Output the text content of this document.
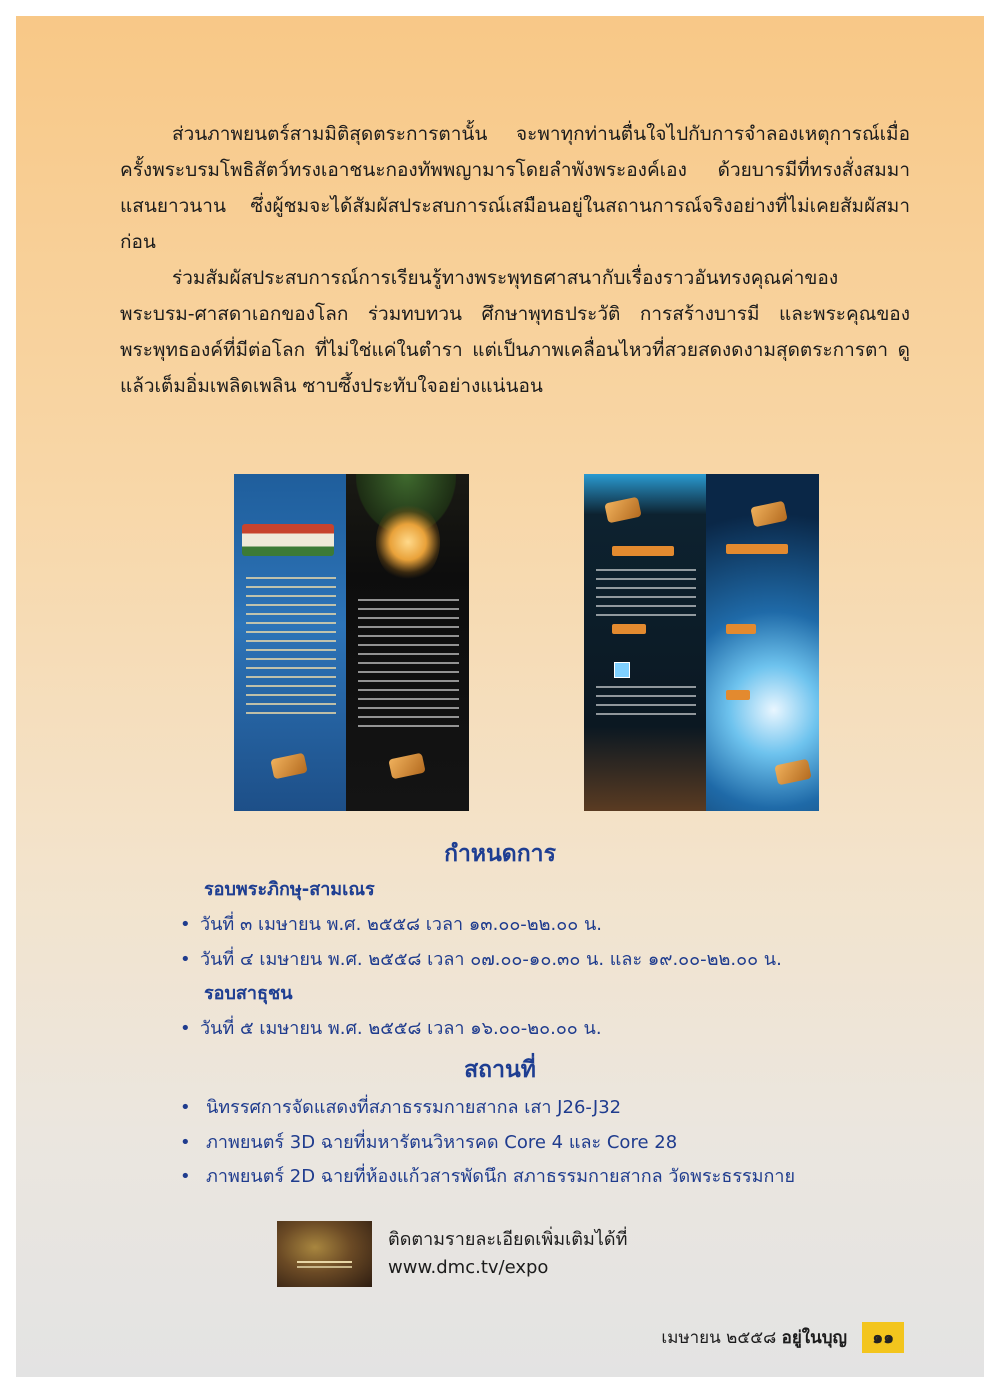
ส่วนภาพยนตร์สามมิติสุดตระการตานั้น จะพาทุกท่านตื่นใจไปกับการจำลองเหตุการณ์เมื่อครั้งพระบรมโพธิสัตว์ทรงเอาชนะกองทัพพญามารโดยลำพังพระองค์เอง ด้วยบารมีที่ทรงสั่งสมมาแสนยาวนาน ซึ่งผู้ชมจะได้สัมผัสประสบการณ์เสมือนอยู่ในสถานการณ์จริงอย่างที่ไม่เคยสัมผัสมาก่อน

ร่วมสัมผัสประสบการณ์การเรียนรู้ทางพระพุทธศาสนากับเรื่องราวอันทรงคุณค่าของพระบรม-ศาสดาเอกของโลก ร่วมทบทวน ศึกษาพุทธประวัติ การสร้างบารมี และพระคุณของพระพุทธองค์ที่มีต่อโลก ที่ไม่ใช่แค่ในตำรา แต่เป็นภาพเคลื่อนไหวที่สวยสดงดงามสุดตระการตา ดูแล้วเต็มอิ่มเพลิดเพลิน ซาบซึ้งประทับใจอย่างแน่นอน

กำหนดการ
รอบพระภิกษุ-สามเณร
• วันที่ ๓ เมษายน พ.ศ. ๒๕๕๘ เวลา ๑๓.๐๐-๒๒.๐๐ น.
• วันที่ ๔ เมษายน พ.ศ. ๒๕๕๘ เวลา ๐๗.๐๐-๑๐.๓๐ น. และ ๑๙.๐๐-๒๒.๐๐ น.
รอบสาธุชน
• วันที่ ๕ เมษายน พ.ศ. ๒๕๕๘ เวลา ๑๖.๐๐-๒๐.๐๐ น.
สถานที่
• นิทรรศการจัดแสดงที่สภาธรรมกายสากล เสา J26-J32
• ภาพยนตร์ 3D ฉายที่มหารัตนวิหารคด Core 4 และ Core 28
• ภาพยนตร์ 2D ฉายที่ห้องแก้วสารพัดนึก สภาธรรมกายสากล วัดพระธรรมกาย
ติดตามรายละเอียดเพิ่มเติมได้ที่
www.dmc.tv/expo
เมษายน ๒๕๕๘ อยู่ในบุญ ๑๑
